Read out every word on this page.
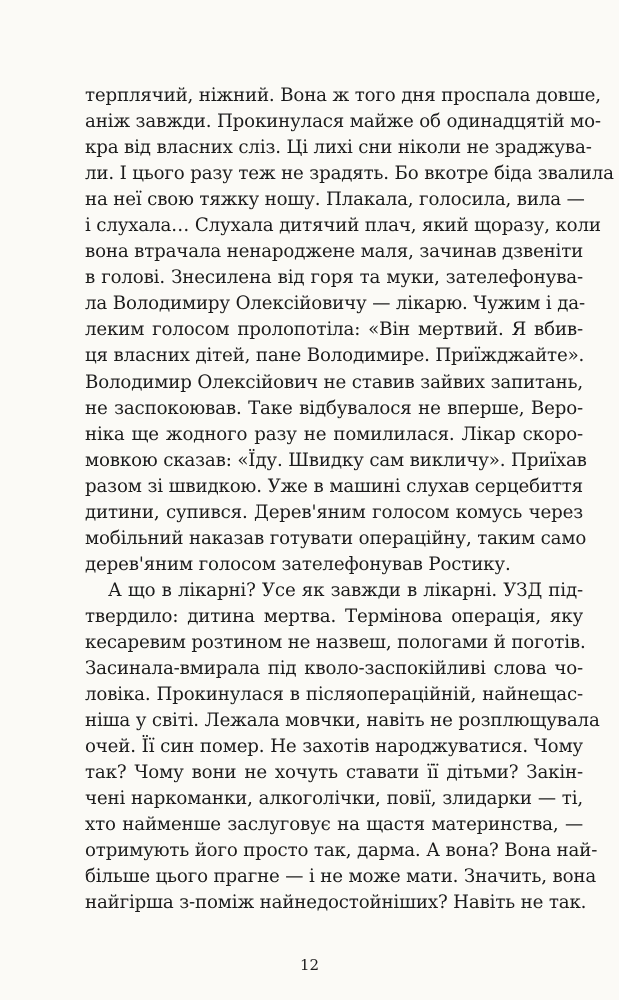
терплячий, ніжний. Вона ж того дня проспала довше,
аніж завжди. Прокинулася майже об одинадцятій мо-
кра від власних сліз. Ці лихі сни ніколи не зраджува-
ли. І цього разу теж не зрадять. Бо вкотре біда звалила
на неї свою тяжку ношу. Плакала, голосила, вила —
і слухала… Слухала дитячий плач, який щоразу, коли
вона втрачала ненароджене маля, зачинав дзвеніти
в голові. Знесилена від горя та муки, зателефонува-
ла Володимиру Олексійовичу — лікарю. Чужим і да-
леким голосом пролопотіла: «Він мертвий. Я вбив-
ця власних дітей, пане Володимире. Приїжджайте».
Володимир Олексійович не ставив зайвих запитань,
не заспокоював. Таке відбувалося не вперше, Веро-
ніка ще жодного разу не помилилася. Лікар скоро-
мовкою сказав: «Їду. Швидку сам викличу». Приїхав
разом зі швидкою. Уже в машині слухав серцебиття
дитини, супився. Дерев'яним голосом комусь через
мобільний наказав готувати операційну, таким само
дерев'яним голосом зателефонував Ростику.
А що в лікарні? Усе як завжди в лікарні. УЗД під-
твердило: дитина мертва. Термінова операція, яку
кесаревим розтином не назвеш, пологами й поготів.
Засинала-вмирала під кволо-заспокійливі слова чо-
ловіка. Прокинулася в післяопераційній, найнещас-
ніша у світі. Лежала мовчки, навіть не розплющувала
очей. Її син помер. Не захотів народжуватися. Чому
так? Чому вони не хочуть ставати її дітьми? Закін-
чені наркоманки, алкоголічки, повії, злидарки — ті,
хто найменше заслуговує на щастя материнства, —
отримують його просто так, дарма. А вона? Вона най-
більше цього прагне — і не може мати. Значить, вона
найгірша з-поміж найнедостойніших? Навіть не так.
12
